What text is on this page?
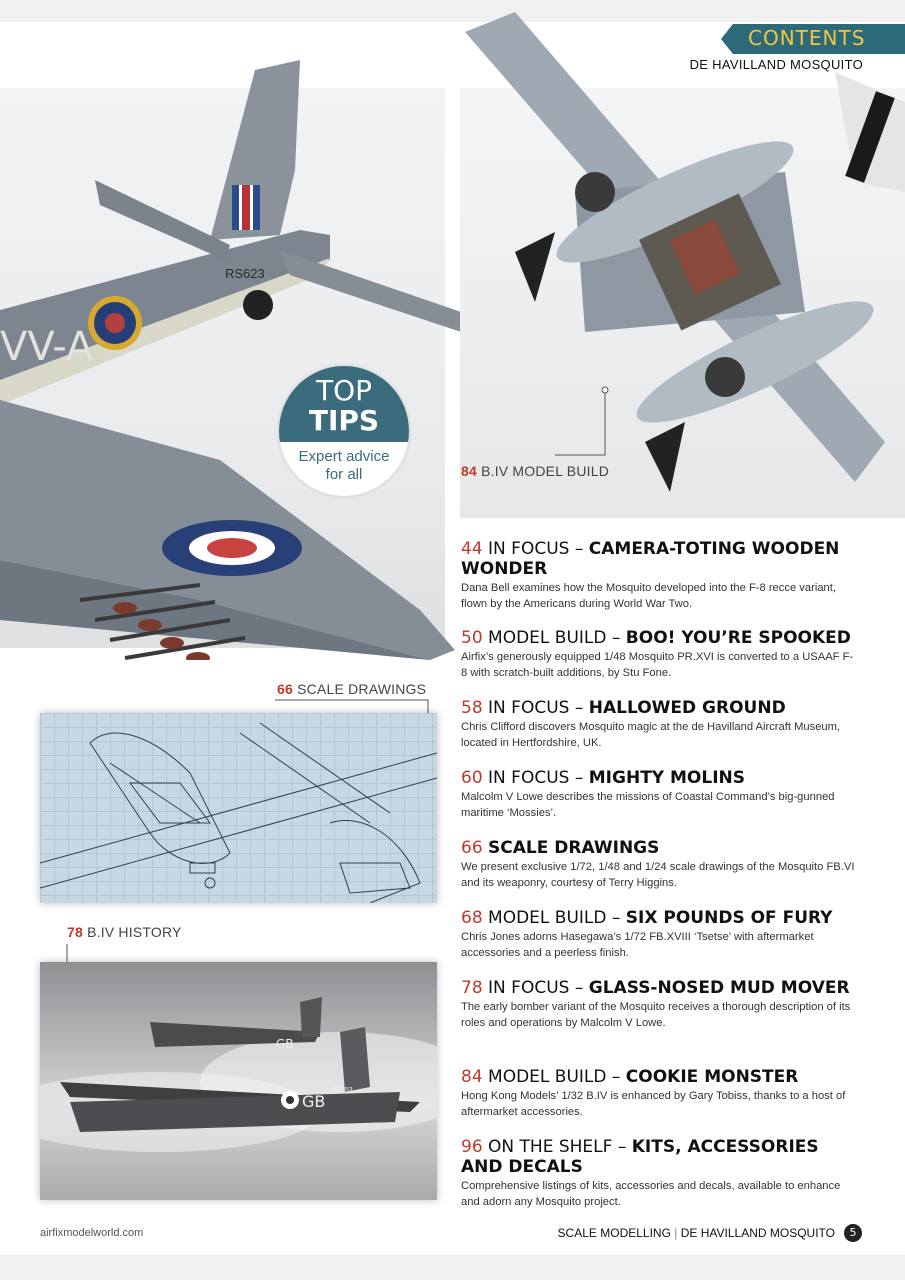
VV-A
RS623
CONTENTS
DE HAVILLAND MOSQUITO
TOP
TIPS
Expert advice
for all	84 B.IV MODEL BUILD
66 SCALE DRAWINGS
78 B.IV HISTORY
GB
GB
D2353
44 IN FOCUS – CAMERA-TOTING WOODEN WONDER
Dana Bell examines how the Mosquito developed into the F-8 recce variant, flown by the Americans during World War Two.
50 MODEL BUILD – BOO! YOU’RE SPOOKED
Airfix’s generously equipped 1/48 Mosquito PR.XVI is converted to a USAAF F-8 with scratch-built additions, by Stu Fone.
58 IN FOCUS – HALLOWED GROUND
Chris Clifford discovers Mosquito magic at the de Havilland Aircraft Museum, located in Hertfordshire, UK.
60 IN FOCUS – MIGHTY MOLINS
Malcolm V Lowe describes the missions of Coastal Command’s big-gunned maritime ‘Mossies’.
66 SCALE DRAWINGS
We present exclusive 1/72, 1/48 and 1/24 scale drawings of the Mosquito FB.VI and its weaponry, courtesy of Terry Higgins.
68 MODEL BUILD – SIX POUNDS OF FURY
Chris Jones adorns Hasegawa’s 1/72 FB.XVIII ‘Tsetse’ with aftermarket accessories and a peerless finish.
78 IN FOCUS – GLASS-NOSED MUD MOVER
The early bomber variant of the Mosquito receives a thorough description of its roles and operations by Malcolm V Lowe.
84 MODEL BUILD – COOKIE MONSTER
Hong Kong Models’ 1/32 B.IV is enhanced by Gary Tobiss, thanks to a host of aftermarket accessories.
96 ON THE SHELF – KITS, ACCESSORIES AND DECALS
Comprehensive listings of kits, accessories and decals, available to enhance and adorn any Mosquito project.
airfixmodelworld.com	SCALE MODELLING | DE HAVILLAND MOSQUITO	5
